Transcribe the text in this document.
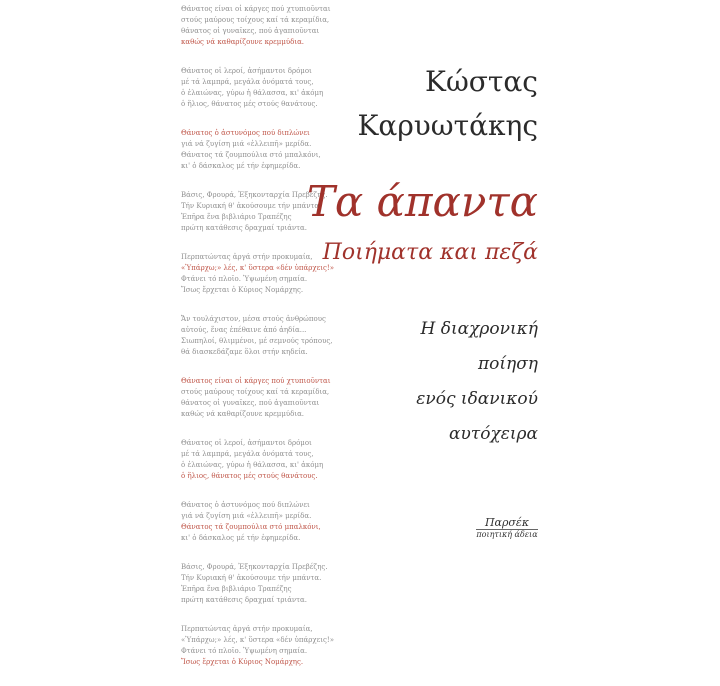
Θάνατος είναι οἱ κάργες πού χτυπιοῦνται
στούς μαύρους τοίχους καί τά κεραμίδια,
θάνατος οἱ γυναῖκες, πού ἀγαπιοῦνται
καθώς νά καθαρίζουνε κρεμμύδια.
Θάνατος οἱ λεροί, ἀσήμαντοι δρόμοι
μέ τά λαμπρά, μεγάλα ὀνόματά τους,
ὁ ἐλαιώνας, γύρω ἡ θάλασσα, κι' ἀκόμη
ὁ ἥλιος, θάνατος μές στούς θανάτους.
Θάνατος ὁ ἀστυνόμος πού διπλώνει
γιά νά ζυγίση μιά «ἐλλειπῆ» μερίδα.
Θάνατος τά ζουμπούλια στό μπαλκόνι,
κι' ὁ δάσκαλος μέ τήν ἐφημερίδα.
Βάσις, Φρουρά, Ἐξηκονταρχία Πρεβέζης.
Τήν Κυριακή θ' ἀκούσουμε τήν μπάντα.
Ἐπῆρα ἕνα βιβλιάριο Τραπέζης
πρώτη κατάθεσις δραχμαί τριάντα.
Περπατώντας ἀργά στήν προκυμαία,
«Ὑπάρχω;» λές, κ' ὕστερα «δέν ὑπάρχεις!»
Φτάνει τό πλοῖο. Ὑψωμένη σημαία.
Ἴσως ἔρχεται ὁ Κύριος Νομάρχης.
Ἄν τουλάχιστον, μέσα στούς ἀνθρώπους
αὐτούς, ἕνας ἐπέθαινε ἀπό ἀηδία...
Σιωπηλοί, θλιμμένοι, μέ σεμνούς τρόπους,
θά διασκεδάζαμε ὅλοι στήν κηδεία.
Θάνατος είναι οἱ κάργες πού χτυπιοῦνται
στούς μαύρους τοίχους καί τά κεραμίδια,
θάνατος οἱ γυναῖκες, πού ἀγαπιοῦνται
καθώς νά καθαρίζουνε κρεμμύδια.
Θάνατος οἱ λεροί, ἀσήμαντοι δρόμοι
μέ τά λαμπρά, μεγάλα ὀνόματά τους,
ὁ ἐλαιώνας, γύρω ἡ θάλασσα, κι' ἀκόμη
ὁ ἥλιος, θάνατος μές στούς θανάτους.
Θάνατος ὁ ἀστυνόμος πού διπλώνει
γιά νά ζυγίση μιά «ἐλλειπῆ» μερίδα.
Θάνατος τά ζουμπούλια στό μπαλκόνι,
κι' ὁ δάσκαλος μέ τήν ἐφημερίδα.
Βάσις, Φρουρά, Ἐξηκονταρχία Πρεβέζης.
Τήν Κυριακή θ' ἀκούσουμε τήν μπάντα.
Ἐπῆρα ἕνα βιβλιάριο Τραπέζης
πρώτη κατάθεσις δραχμαί τριάντα.
Περπατώντας ἀργά στήν προκυμαία,
«Ὑπάρχω;» λές, κ' ὕστερα «δέν ὑπάρχεις!»
Φτάνει τό πλοῖο. Ὑψωμένη σημαία.
Ἴσως ἔρχεται ὁ Κύριος Νομάρχης.
Κώστας
Καρυωτάκης
Τα άπαντα
Ποιήματα και πεζά
Η διαχρονική
ποίηση
ενός ιδανικού
αυτόχειρα
Παρσέκ
ποιητική άδεια
